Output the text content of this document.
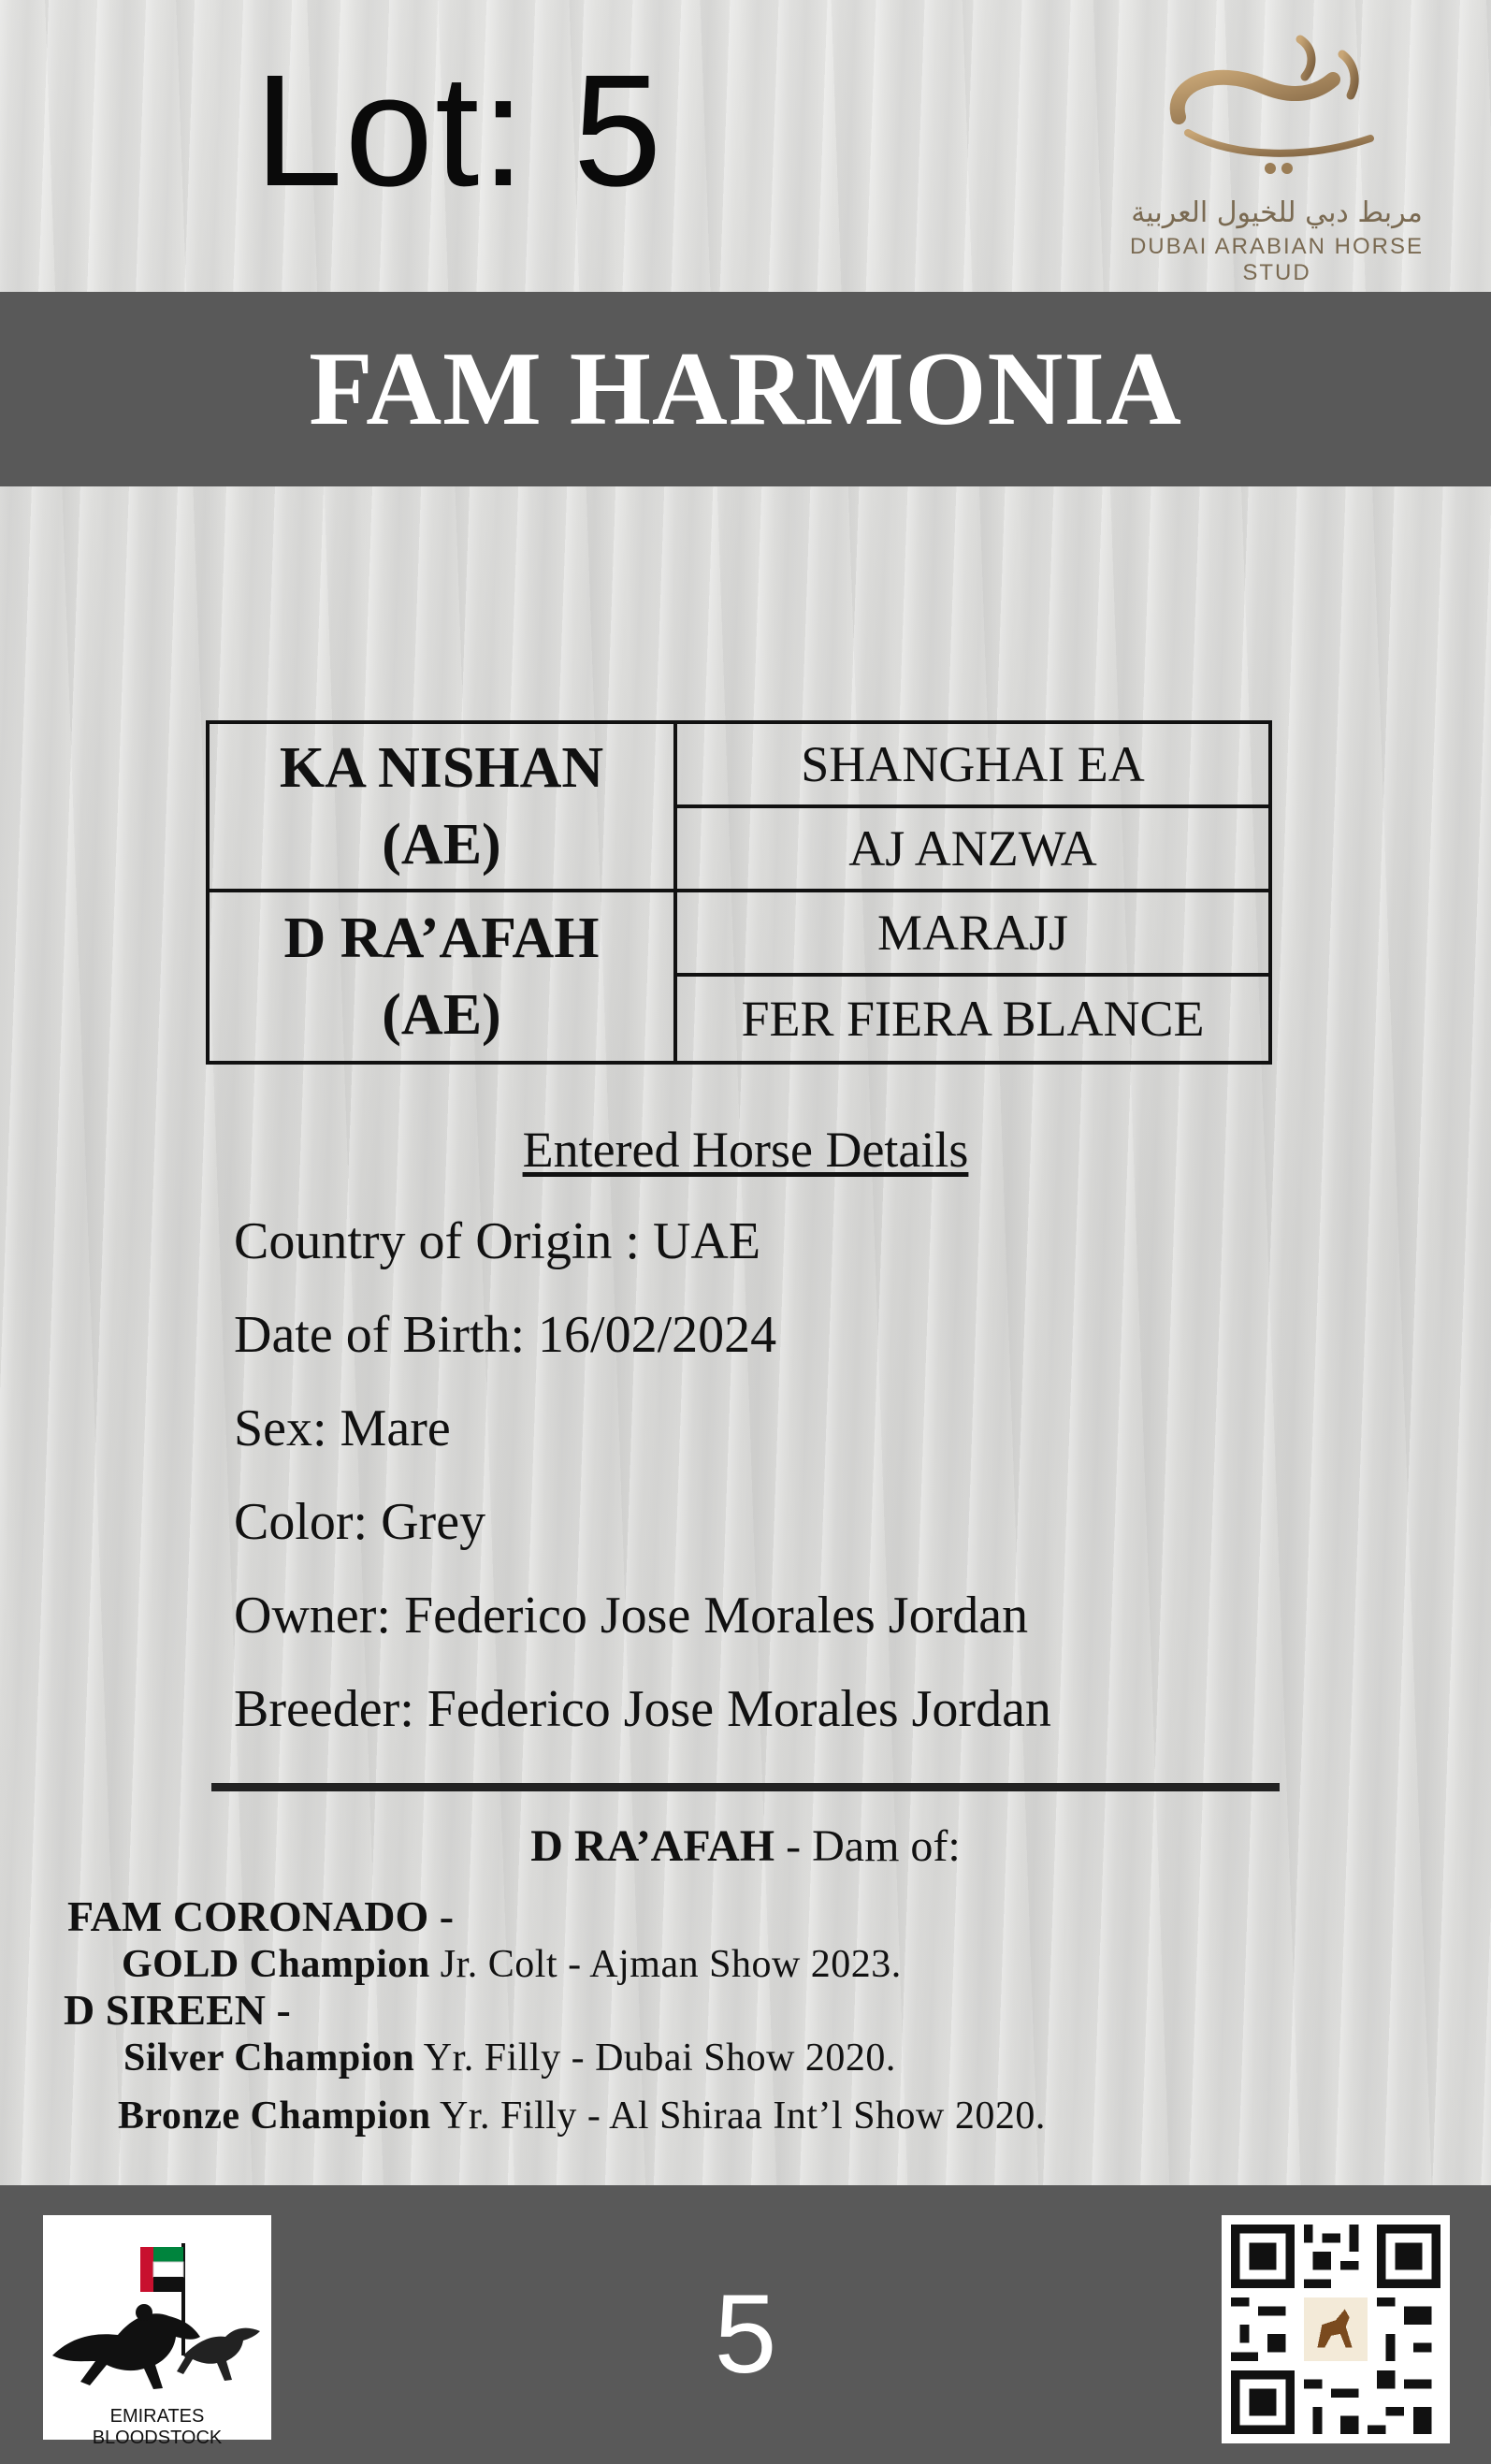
Lot: 5	مربط دبي للخيول العربية
DUBAI ARABIAN HORSE STUD
FAM HARMONIA
KA NISHAN (AE)
D RA’AFAH (AE)
SHANGHAI EA
AJ ANZWA
MARAJJ
FER FIERA BLANCE
Entered Horse Details
Country of Origin : UAE
Date of Birth: 16/02/2024
Sex: Mare
Color: Grey
Owner: Federico Jose Morales Jordan
Breeder: Federico Jose Morales Jordan
D RA’AFAH - Dam of:
FAM CORONADO -
GOLD Champion Jr. Colt - Ajman Show 2023.
D SIREEN -
Silver Champion Yr. Filly - Dubai Show 2020.
Bronze Champion Yr. Filly - Al Shiraa Int’l Show 2020.
5
EMIRATES BLOODSTOCK
